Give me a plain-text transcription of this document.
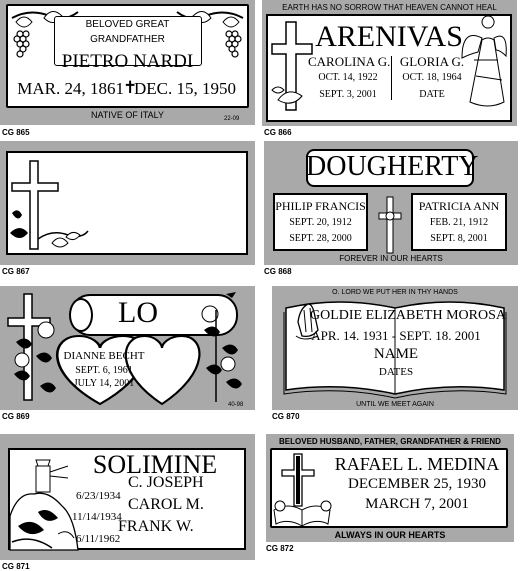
BELOVED GREAT
GRANDFATHER
PIETRO NARDI
MAR. 24, 1861 ✝
DEC. 15, 1950
NATIVE OF ITALY	22-09
CG 865
EARTH HAS NO SORROW THAT HEAVEN CANNOT HEAL
ARENIVAS
CAROLINA G.
OCT. 14, 1922
SEPT. 3, 2001
GLORIA G.
OCT. 18, 1964
DATE
CG 866
CG 867
DOUGHERTY
PHILIP FRANCIS
SEPT. 20, 1912
SEPT. 28, 2000
PATRICIA ANN
FEB. 21, 1912
SEPT. 8, 2001
FOREVER IN OUR HEARTS
CG 868
LO
DIANNE BECHT
SEPT. 6, 1961
JULY 14, 2001
40-98
CG 869
O. LORD WE PUT HER IN THY HANDS
GOLDIE ELIZABETH MOROSA
APR. 14. 1931 - SEPT. 18. 2001
NAME
DATES
UNTIL WE MEET AGAIN
CG 870
SOLIMINE
C. JOSEPH
6/23/1934 CAROL M.
11/14/1934
FRANK W.
6/11/1962
CG 871
BELOVED HUSBAND, FATHER, GRANDFATHER & FRIEND
RAFAEL L. MEDINA
DECEMBER 25, 1930
MARCH 7, 2001
ALWAYS IN OUR HEARTS
CG 872
